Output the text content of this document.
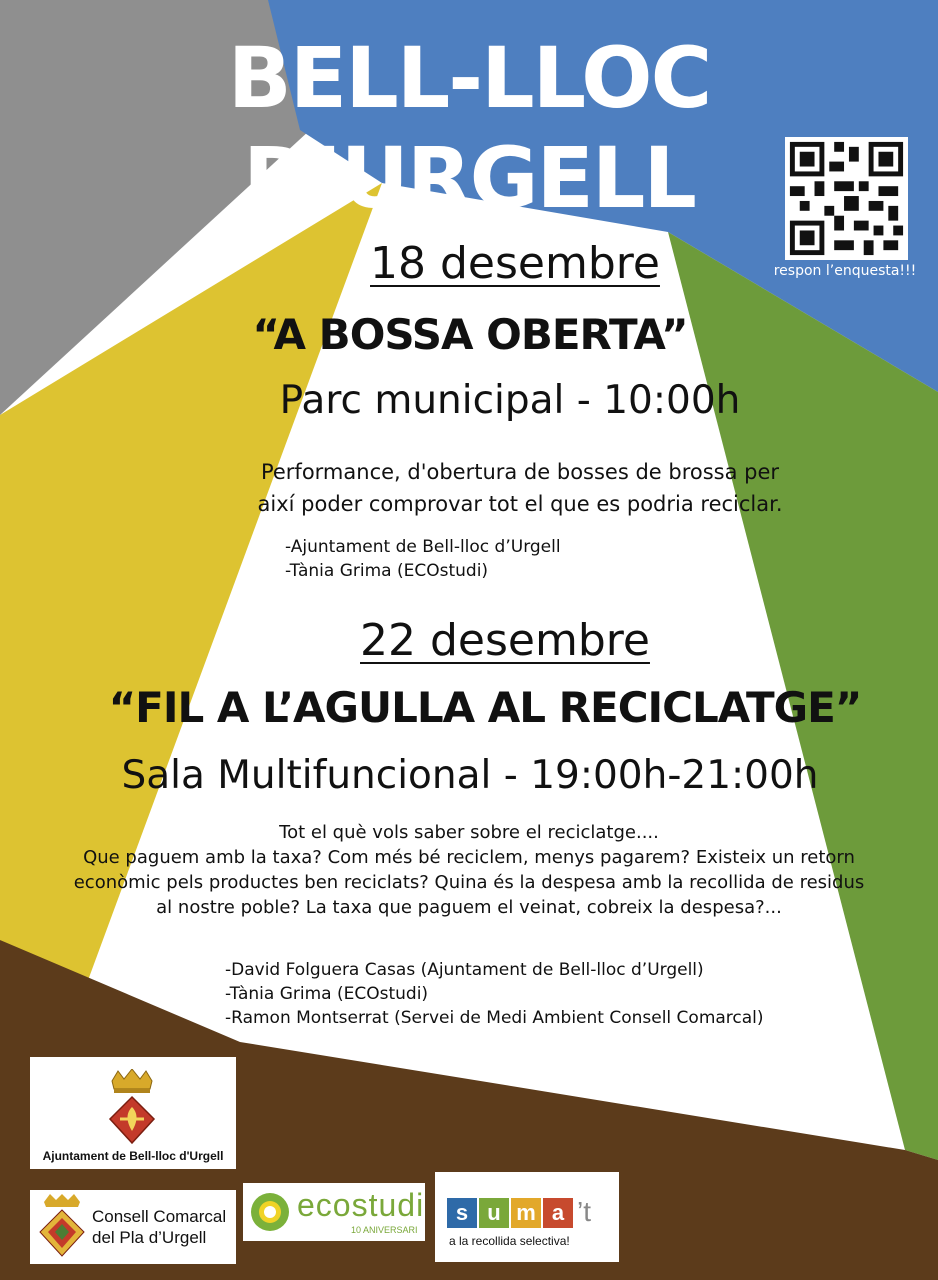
BELL-LLOC D’URGELL
respon l’enquesta!!!
18 desembre
“A BOSSA OBERTA”
Parc municipal - 10:00h
Performance, d'obertura de bosses de brossa per
així poder comprovar tot el que es podria reciclar.
-Ajuntament de Bell-lloc d’Urgell
-Tània Grima (ECOstudi)
22 desembre
“FIL A L’AGULLA AL RECICLATGE”
Sala Multifuncional - 19:00h-21:00h
Tot el què vols saber sobre el reciclatge....
Que paguem amb la taxa? Com més bé reciclem, menys pagarem? Existeix un retorn
econòmic pels productes ben reciclats? Quina és la despesa amb la recollida de residus
al nostre poble? La taxa que paguem el veinat, cobreix la despesa?...
-David Folguera Casas (Ajuntament de Bell-lloc d’Urgell)
-Tània Grima (ECOstudi)
-Ramon Montserrat (Servei de Medi Ambient Consell Comarcal)
Ajuntament de Bell-lloc d'Urgell
Consell Comarcal
del Pla d’Urgell
ecostudi
10 ANIVERSARI
s u m a ’t
a la recollida selectiva!
